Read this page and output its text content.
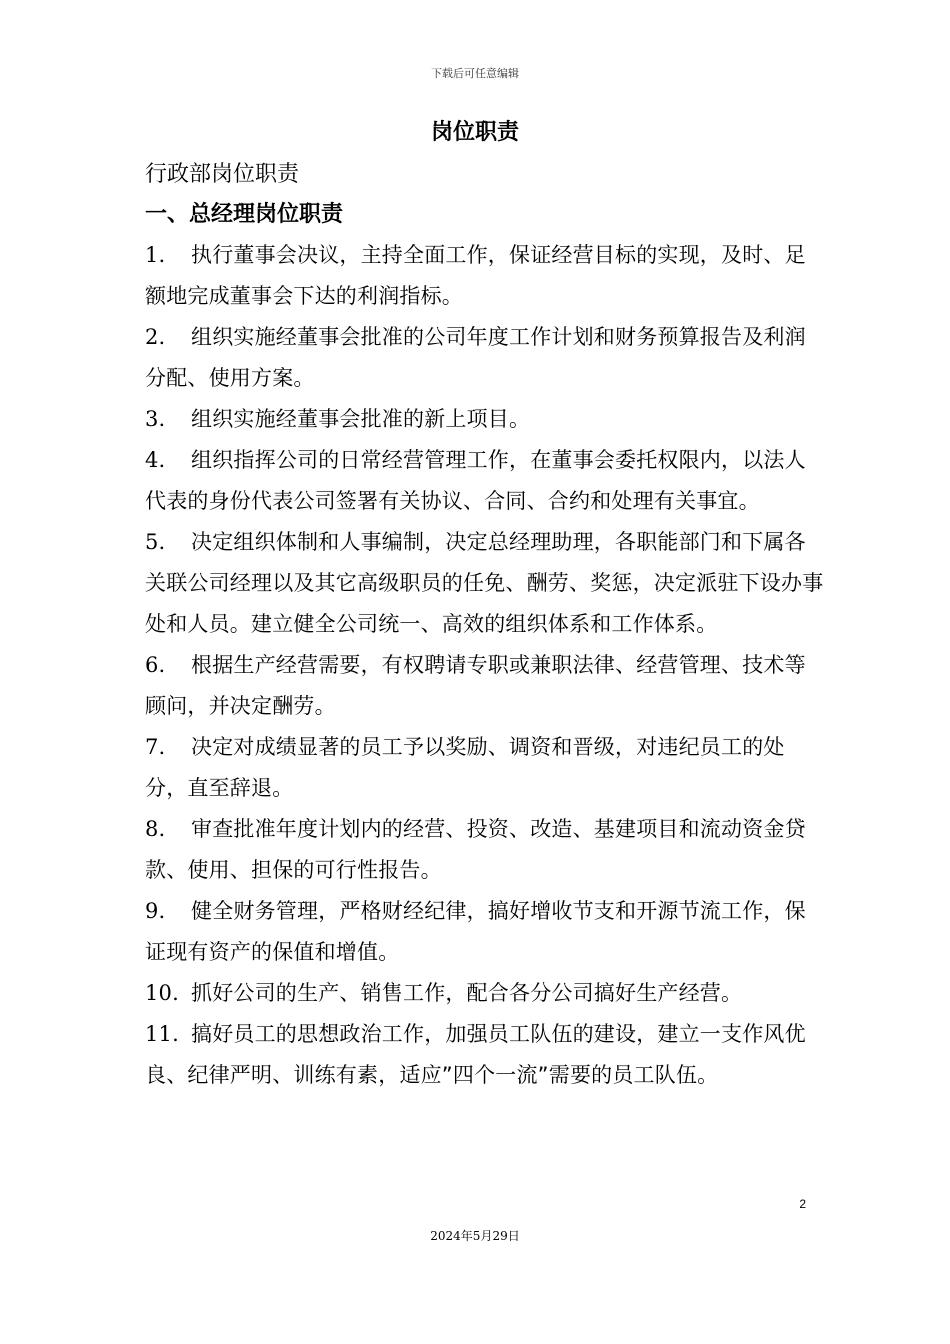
下载后可任意编辑
岗位职责
行政部岗位职责
一、总经理岗位职责
1. 执行董事会决议，主持全面工作，保证经营目标的实现，及时、足额地完成董事会下达的利润指标。
2. 组织实施经董事会批准的公司年度工作计划和财务预算报告及利润分配、使用方案。
3. 组织实施经董事会批准的新上项目。
4. 组织指挥公司的日常经营管理工作，在董事会委托权限内，以法人代表的身份代表公司签署有关协议、合同、合约和处理有关事宜。
5. 决定组织体制和人事编制，决定总经理助理，各职能部门和下属各关联公司经理以及其它高级职员的任免、酬劳、奖惩，决定派驻下设办事处和人员。建立健全公司统一、高效的组织体系和工作体系。
6. 根据生产经营需要，有权聘请专职或兼职法律、经营管理、技术等顾问，并决定酬劳。
7. 决定对成绩显著的员工予以奖励、调资和晋级，对违纪员工的处分，直至辞退。
8. 审查批准年度计划内的经营、投资、改造、基建项目和流动资金贷款、使用、担保的可行性报告。
9. 健全财务管理，严格财经纪律，搞好增收节支和开源节流工作，保证现有资产的保值和增值。
10. 抓好公司的生产、销售工作，配合各分公司搞好生产经营。
11. 搞好员工的思想政治工作，加强员工队伍的建设，建立一支作风优良、纪律严明、训练有素，适应”四个一流”需要的员工队伍。
2
2024年5月29日
